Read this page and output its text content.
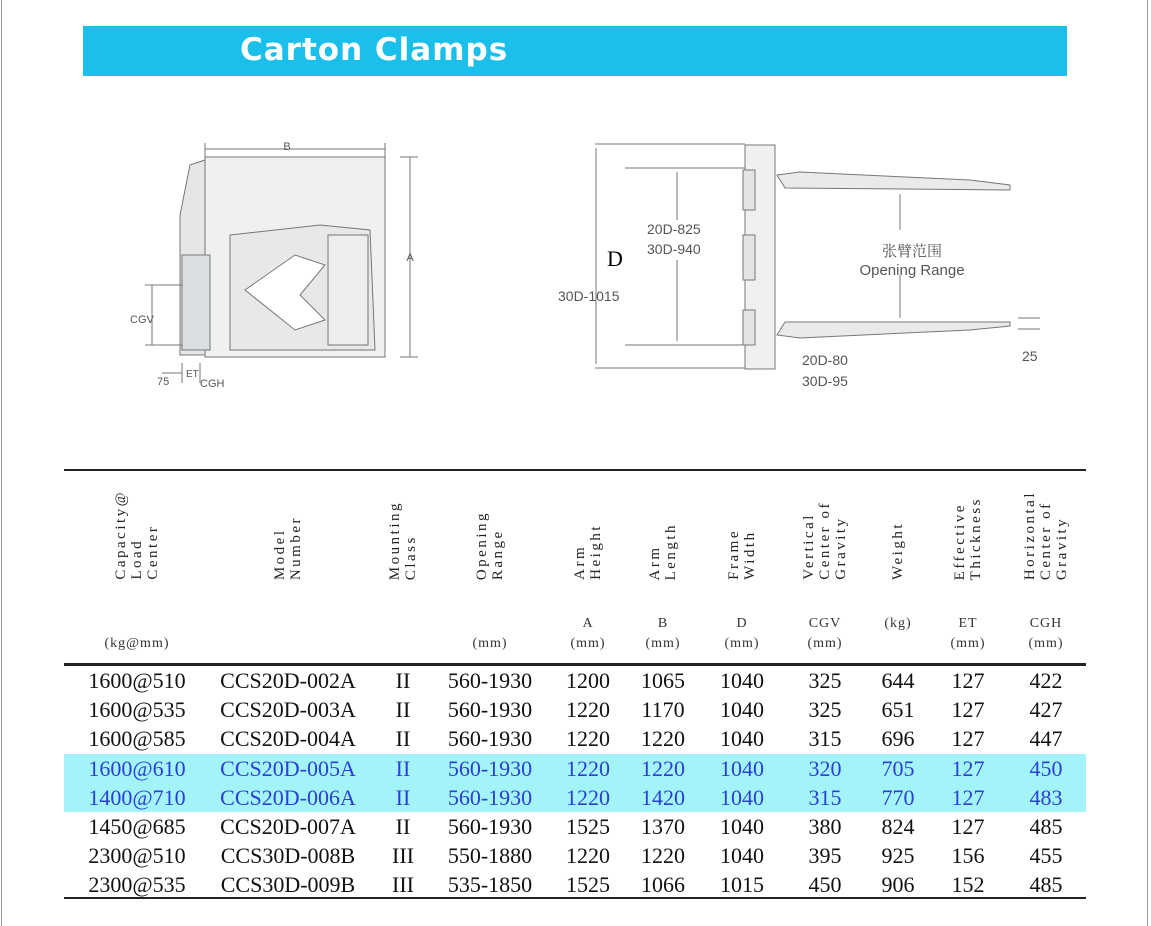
Carton Clamps
B
A
CGV
75
ET
CGH
D
20D-825
30D-940
30D-1015
张臂范围
Opening Range
20D-80
30D-95
25
Capacity@
Load
Center
(kg@mm)
Model
Number	Mounting
Class	Opening
Range
(mm)
Arm
Height
A
(mm)
Arm
Length
B
(mm)
Frame
Width
D
(mm)
Vertical
Center of
Gravity
CGV
(mm)
Weight
(kg)
Effective
Thickness
ET
(mm)
Horizontal
Center of
Gravity
CGH
(mm)
1600@510 CCS20D-002A II 560-1930 1200 1065 1040 325 644 127 422
1600@535 CCS20D-003A II 560-1930 1220 1170 1040 325 651 127 427
1600@585 CCS20D-004A II 560-1930 1220 1220 1040 315 696 127 447
1600@610 CCS20D-005A II 560-1930 1220 1220 1040 320 705 127 450
1400@710 CCS20D-006A II 560-1930 1220 1420 1040 315 770 127 483
1450@685 CCS20D-007A II 560-1930 1525 1370 1040 380 824 127 485
2300@510 CCS30D-008B III 550-1880 1220 1220 1040 395 925 156 455
2300@535 CCS30D-009B III 535-1850 1525 1066 1015 450 906 152 485
